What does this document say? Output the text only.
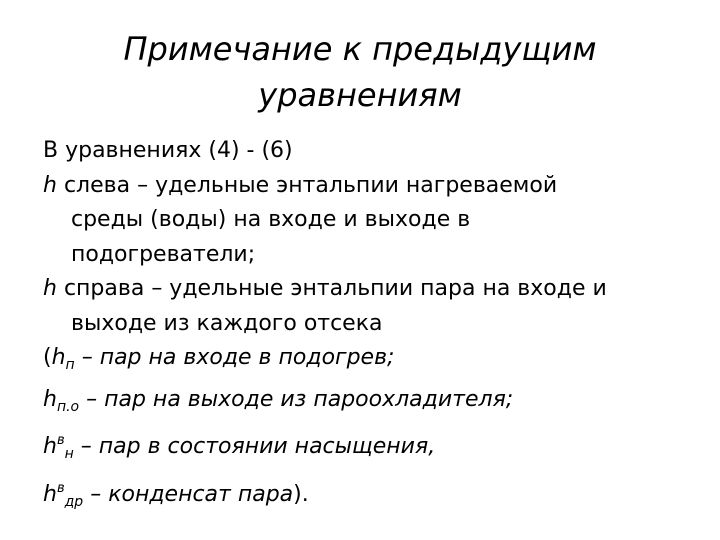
Примечание к предыдущим
уравнениям
В уравнениях (4) - (6)
h слева – удельные энтальпии нагреваемой
среды (воды) на входе и выходе в
подогреватели;
h справа – удельные энтальпии пара на входе и
выходе из каждого отсека
($h_п$ – пар на входе в подогрев;
$h_{п.о}$ – пар на выходе из пароохладителя;
$h^в_н$ – пар в состоянии насыщения,
$h^в_{др}$ – конденсат пара).
